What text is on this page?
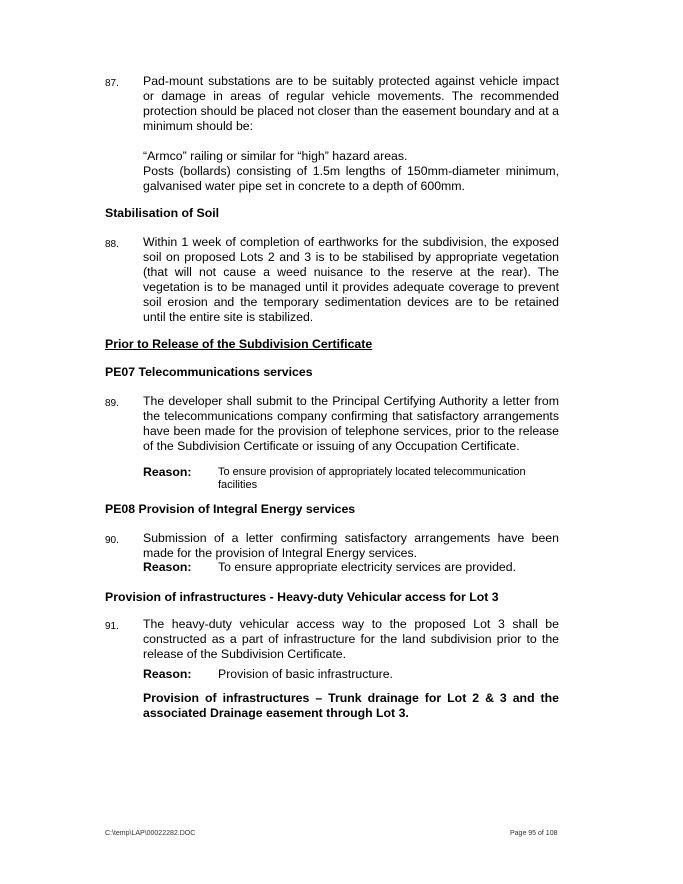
87. Pad-mount substations are to be suitably protected against vehicle impact or damage in areas of regular vehicle movements. The recommended protection should be placed not closer than the easement boundary and at a minimum should be:

“Armco” railing or similar for “high” hazard areas.

Posts (bollards) consisting of 1.5m lengths of 150mm-diameter minimum, galvanised water pipe set in concrete to a depth of 600mm.

Stabilisation of Soil
88. Within 1 week of completion of earthworks for the subdivision, the exposed soil on proposed Lots 2 and 3 is to be stabilised by appropriate vegetation (that will not cause a weed nuisance to the reserve at the rear). The vegetation is to be managed until it provides adequate coverage to prevent soil erosion and the temporary sedimentation devices are to be retained until the entire site is stabilized.
Prior to Release of the Subdivision Certificate
PE07 Telecommunications services
89. The developer shall submit to the Principal Certifying Authority a letter from the telecommunications company confirming that satisfactory arrangements have been made for the provision of telephone services, prior to the release of the Subdivision Certificate or issuing of any Occupation Certificate.
Reason: To ensure provision of appropriately located telecommunication facilities
PE08 Provision of Integral Energy services
90. Submission of a letter confirming satisfactory arrangements have been made for the provision of Integral Energy services.
Reason: To ensure appropriate electricity services are provided.
Provision of infrastructures - Heavy-duty Vehicular access for Lot 3
91. The heavy-duty vehicular access way to the proposed Lot 3 shall be constructed as a part of infrastructure for the land subdivision prior to the release of the Subdivision Certificate.
Reason: Provision of basic infrastructure.
Provision of infrastructures – Trunk drainage for Lot 2 & 3 and the associated Drainage easement through Lot 3.
C:\temp\LAP\00022282.DOC	Page 95 of 108
